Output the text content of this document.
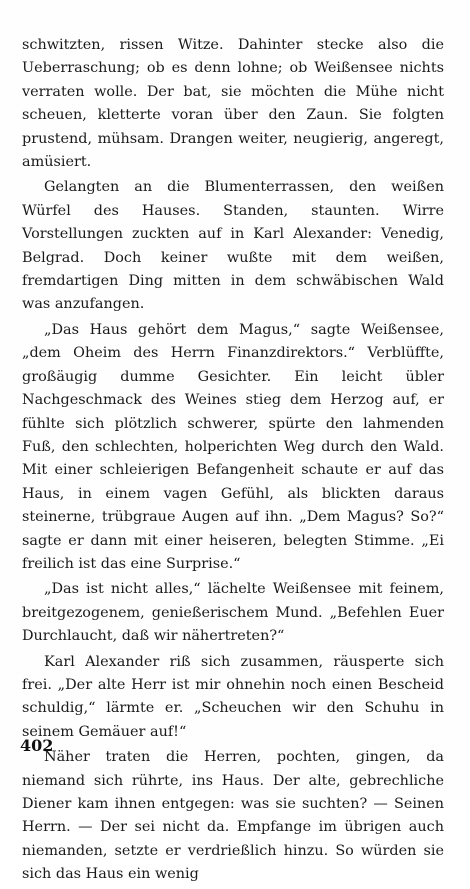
schwitzten, rissen Witze. Dahinter stecke also die Ueberraschung; ob es denn lohne; ob Weißensee nichts verraten wolle. Der bat, sie möchten die Mühe nicht scheuen, kletterte voran über den Zaun. Sie folgten prustend, mühsam. Drangen weiter, neugierig, angeregt, amüsiert.

Gelangten an die Blumenterrassen, den weißen Würfel des Hauses. Standen, staunten. Wirre Vorstellungen zuckten auf in Karl Alexander: Venedig, Belgrad. Doch keiner wußte mit dem weißen, fremdartigen Ding mitten in dem schwäbischen Wald was anzufangen.

„Das Haus gehört dem Magus,“ sagte Weißensee, „dem Oheim des Herrn Finanzdirektors.“ Verblüffte, großäugig dumme Gesichter. Ein leicht übler Nachgeschmack des Weines stieg dem Herzog auf, er fühlte sich plötzlich schwerer, spürte den lahmenden Fuß, den schlechten, holperichten Weg durch den Wald. Mit einer schleierigen Befangenheit schaute er auf das Haus, in einem vagen Gefühl, als blickten daraus steinerne, trübgraue Augen auf ihn. „Dem Magus? So?“ sagte er dann mit einer heiseren, belegten Stimme. „Ei freilich ist das eine Surprise.“

„Das ist nicht alles,“ lächelte Weißensee mit feinem, breitgezogenem, genießerischem Mund. „Befehlen Euer Durchlaucht, daß wir nähertreten?“

Karl Alexander riß sich zusammen, räusperte sich frei. „Der alte Herr ist mir ohnehin noch einen Bescheid schuldig,“ lärmte er. „Scheuchen wir den Schuhu in seinem Gemäuer auf!“

Näher traten die Herren, pochten, gingen, da niemand sich rührte, ins Haus. Der alte, gebrechliche Diener kam ihnen entgegen: was sie suchten? — Seinen Herrn. — Der sei nicht da. Empfange im übrigen auch niemanden, setzte er verdrießlich hinzu. So würden sie sich das Haus ein wenig

402
